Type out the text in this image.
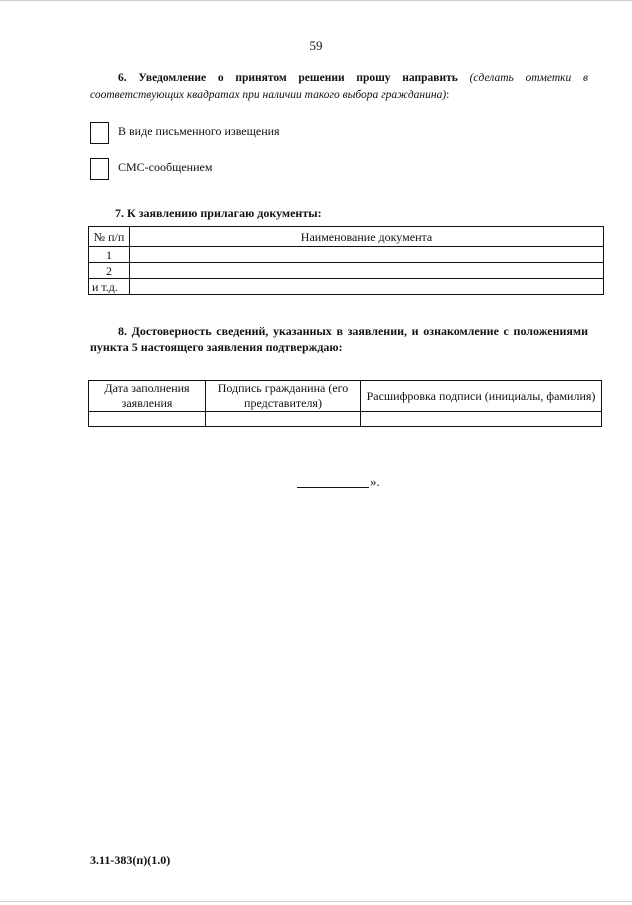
59
6. Уведомление о принятом решении прошу направить (сделать отметки в соответствующих квадратах при наличии такого выбора гражданина):
В виде письменного извещения
СМС-сообщением
7. К заявлению прилагаю документы:
№ п/п	Наименование документа
1	
2	
и т.д.	
8. Достоверность сведений, указанных в заявлении, и ознакомление с положениями пункта 5 настоящего заявления подтверждаю:
Дата заполнения заявления	Подпись гражданина (его представителя)	Расшифровка подписи (инициалы, фамилия)

».
3.11-383(п)(1.0)
